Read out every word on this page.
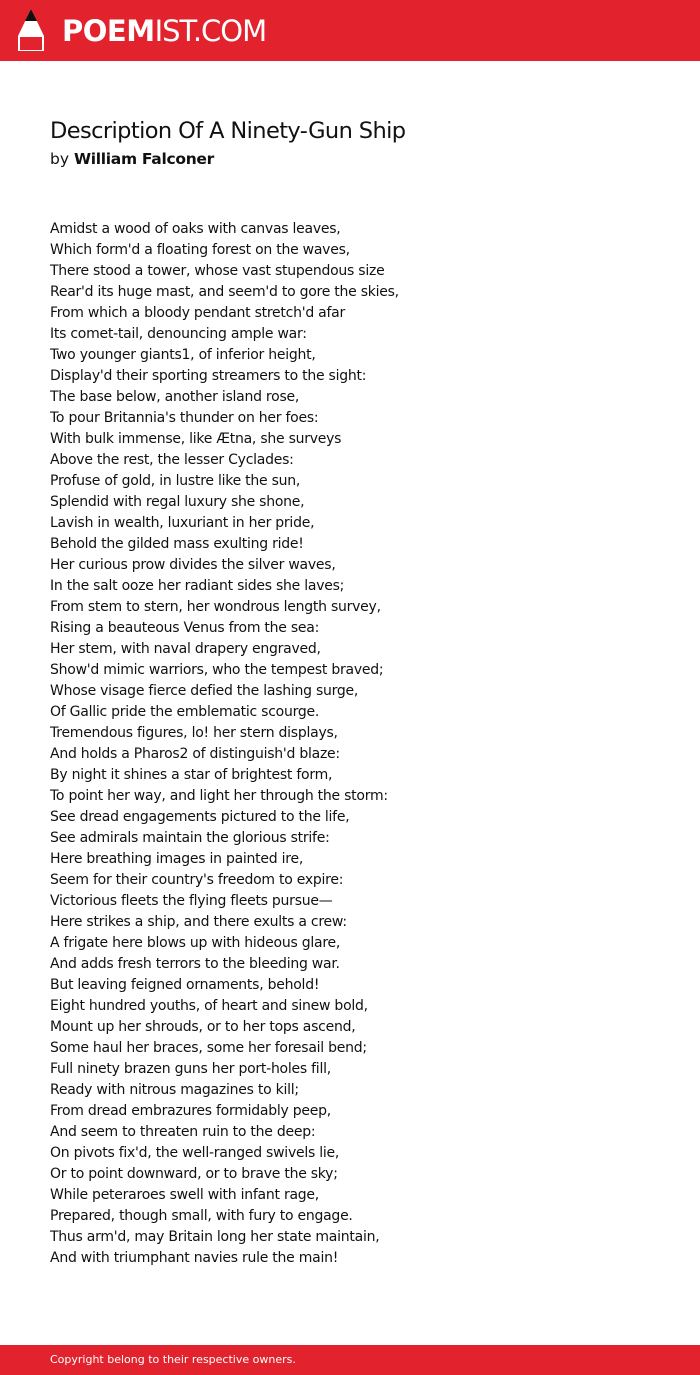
POEMIST.COM
Description Of A Ninety-Gun Ship
by William Falconer
Amidst a wood of oaks with canvas leaves,
Which form'd a floating forest on the waves,
There stood a tower, whose vast stupendous size
Rear'd its huge mast, and seem'd to gore the skies,
From which a bloody pendant stretch'd afar
Its comet-tail, denouncing ample war:
Two younger giants1, of inferior height,
Display'd their sporting streamers to the sight:
The base below, another island rose,
To pour Britannia's thunder on her foes:
With bulk immense, like Ætna, she surveys
Above the rest, the lesser Cyclades:
Profuse of gold, in lustre like the sun,
Splendid with regal luxury she shone,
Lavish in wealth, luxuriant in her pride,
Behold the gilded mass exulting ride!
Her curious prow divides the silver waves,
In the salt ooze her radiant sides she laves;
From stem to stern, her wondrous length survey,
Rising a beauteous Venus from the sea:
Her stem, with naval drapery engraved,
Show'd mimic warriors, who the tempest braved;
Whose visage fierce defied the lashing surge,
Of Gallic pride the emblematic scourge.
Tremendous figures, lo! her stern displays,
And holds a Pharos2 of distinguish'd blaze:
By night it shines a star of brightest form,
To point her way, and light her through the storm:
See dread engagements pictured to the life,
See admirals maintain the glorious strife:
Here breathing images in painted ire,
Seem for their country's freedom to expire:
Victorious fleets the flying fleets pursue—
Here strikes a ship, and there exults a crew:
A frigate here blows up with hideous glare,
And adds fresh terrors to the bleeding war.
But leaving feigned ornaments, behold!
Eight hundred youths, of heart and sinew bold,
Mount up her shrouds, or to her tops ascend,
Some haul her braces, some her foresail bend;
Full ninety brazen guns her port-holes fill,
Ready with nitrous magazines to kill;
From dread embrazures formidably peep,
And seem to threaten ruin to the deep:
On pivots fix'd, the well-ranged swivels lie,
Or to point downward, or to brave the sky;
While peteraroes swell with infant rage,
Prepared, though small, with fury to engage.
Thus arm'd, may Britain long her state maintain,
And with triumphant navies rule the main!
Copyright belong to their respective owners.
